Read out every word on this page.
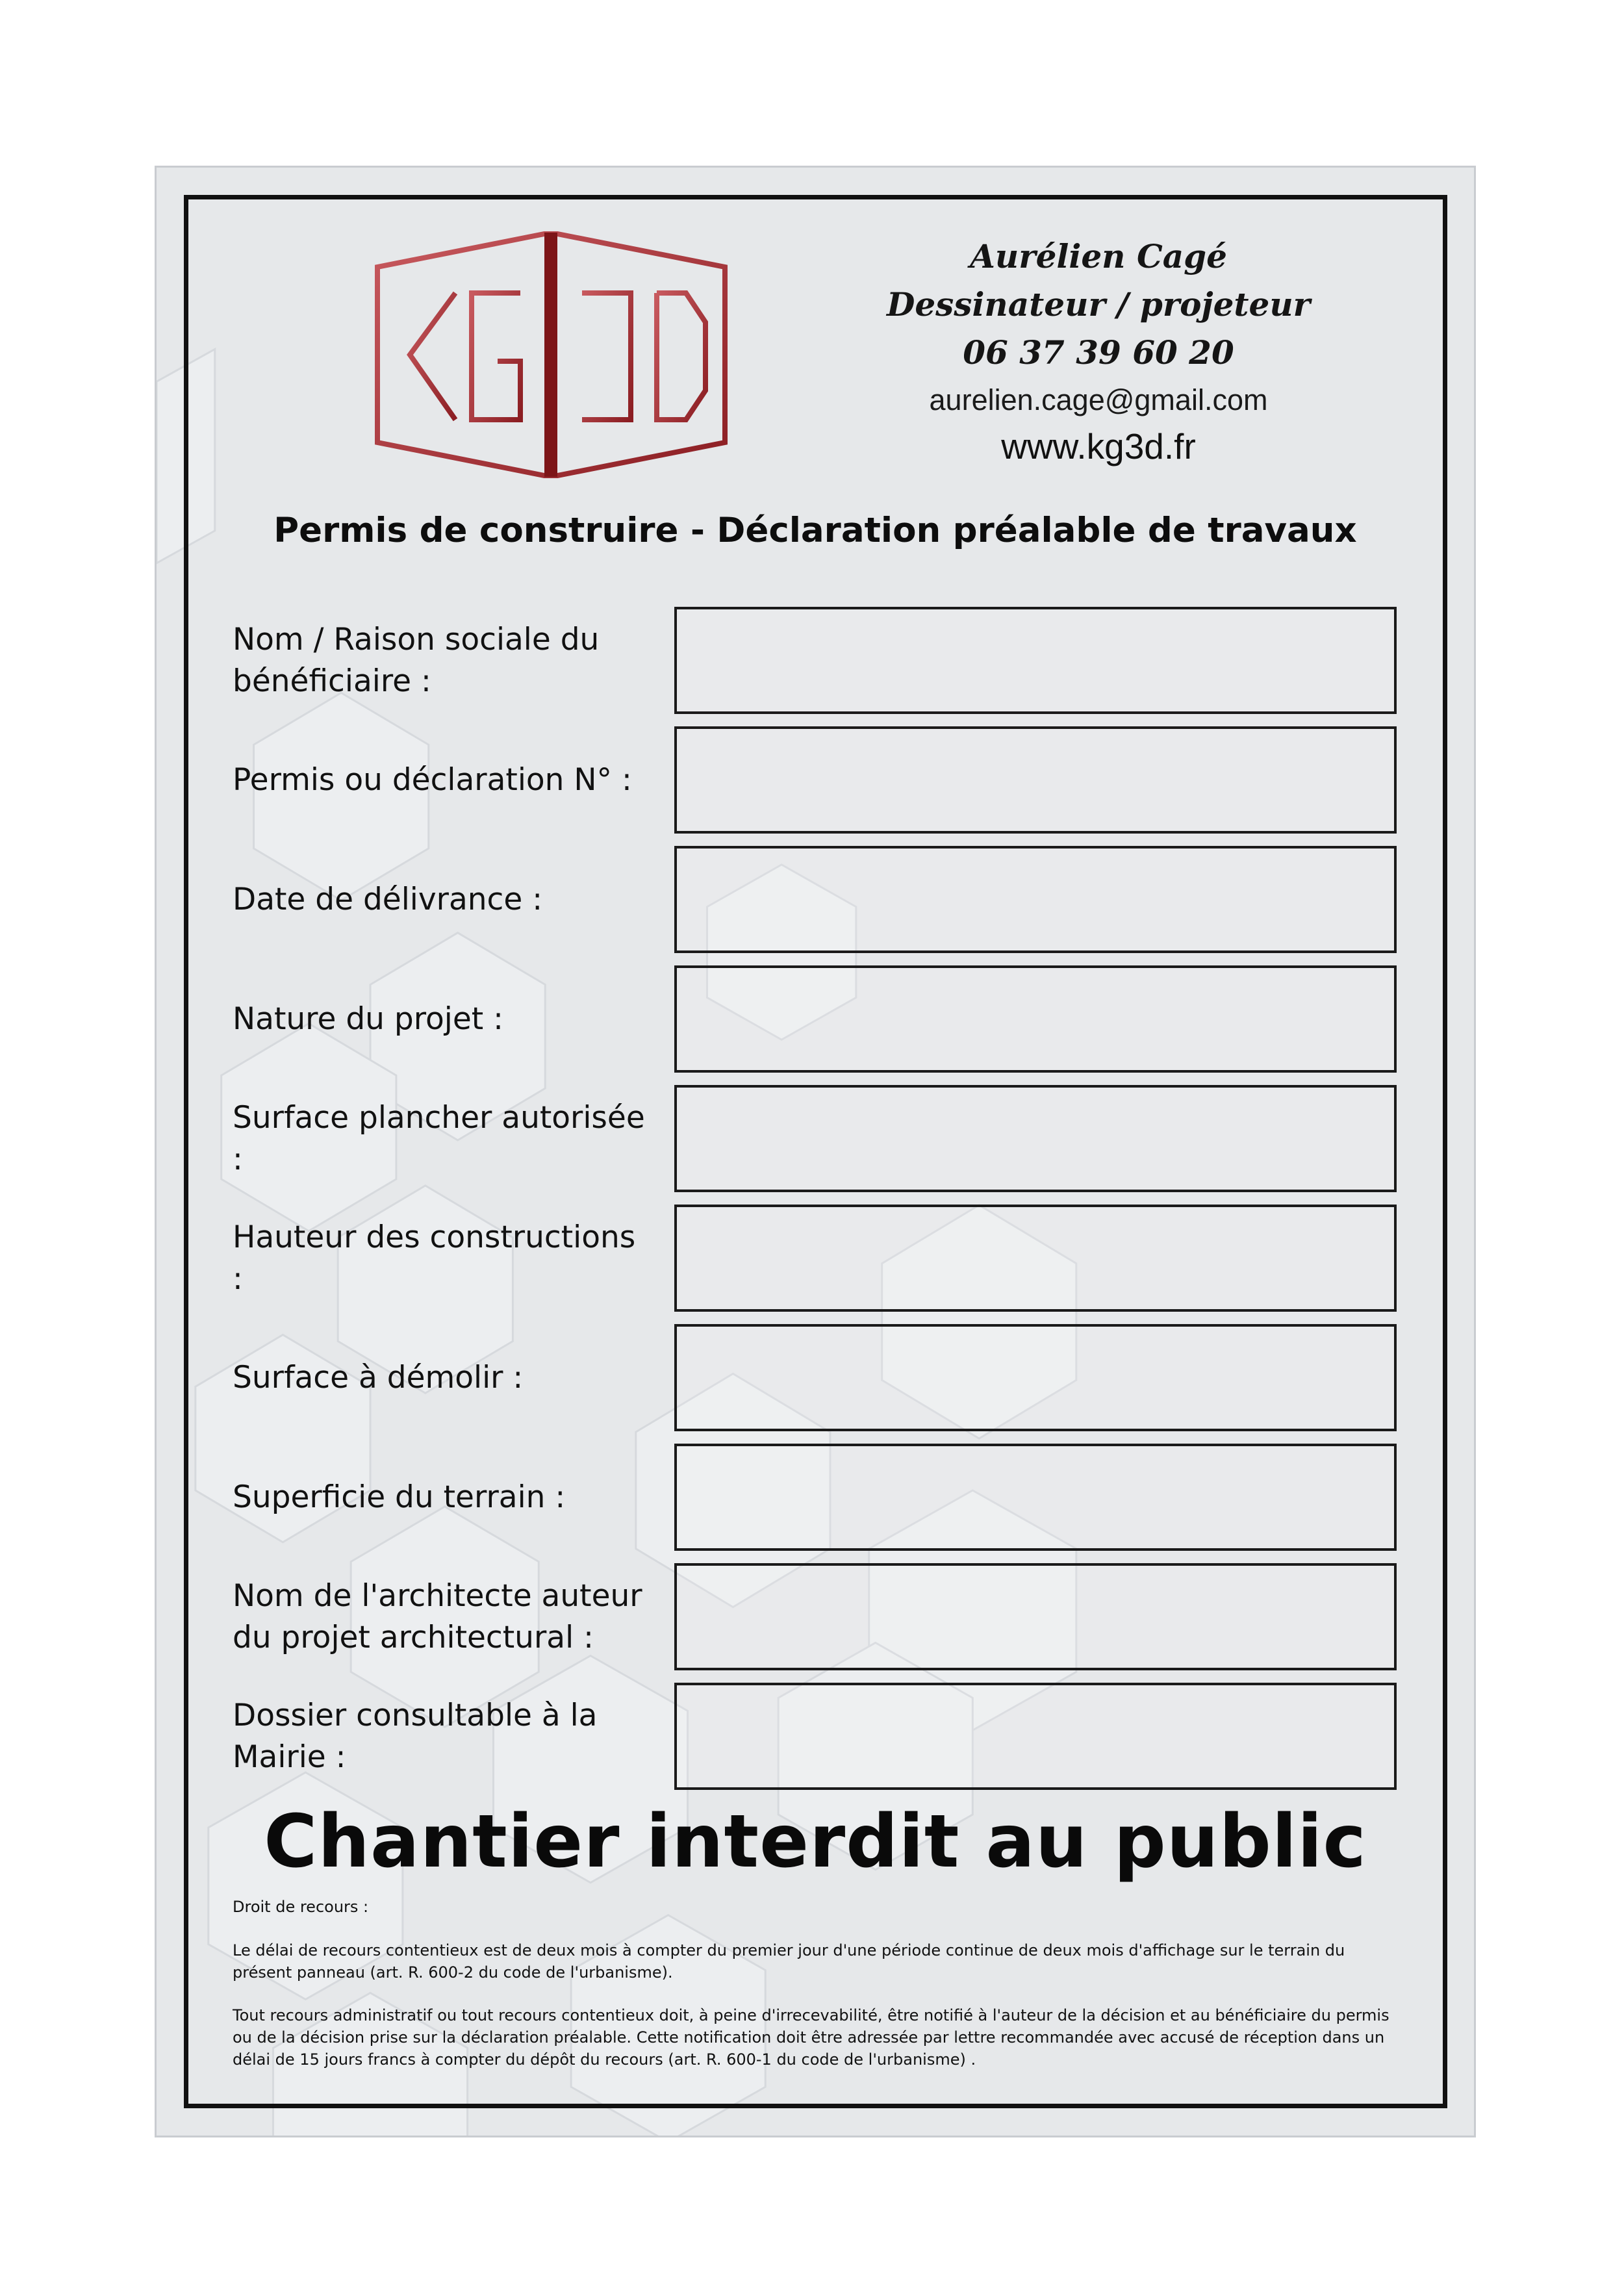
Aurélien Cagé
Dessinateur / projeteur
06 37 39 60 20
aurelien.cage@gmail.com
www.kg3d.fr
Permis de construire - Déclaration préalable de travaux
Nom / Raison sociale du bénéficiaire :
Permis ou déclaration N° :
Date de délivrance :
Nature du projet :
Surface plancher autorisée :
Hauteur des constructions :
Surface à démolir :
Superficie du terrain :
Nom de l'architecte auteur du projet architectural :
Dossier consultable à la Mairie :
Chantier interdit au public
Droit de recours :
Le délai de recours contentieux est de deux mois à compter du premier jour d'une période continue de deux mois d'affichage sur le terrain du présent panneau (art. R. 600-2 du code de l'urbanisme).
Tout recours administratif ou tout recours contentieux doit, à peine d'irrecevabilité, être notifié à l'auteur de la décision et au bénéficiaire du permis ou de la décision prise sur la déclaration préalable. Cette notification doit être adressée par lettre recommandée avec accusé de réception dans un délai de 15 jours francs à compter du dépôt du recours (art. R. 600-1 du code de l'urbanisme) .
